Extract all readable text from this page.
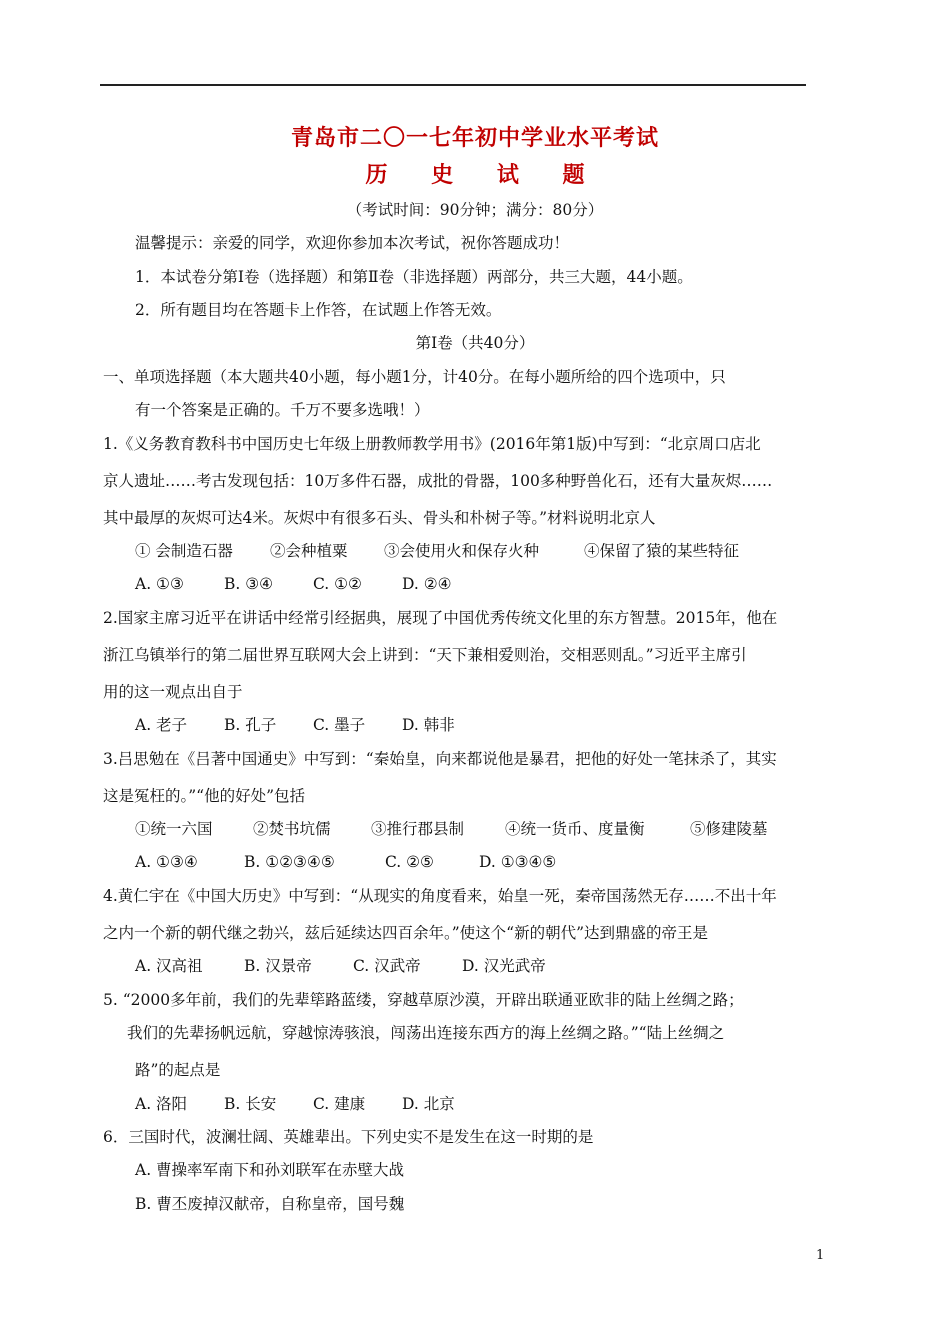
青岛市二〇一七年初中学业水平考试
历 史 试 题
（考试时间：90分钟；满分：80分）
温馨提示：亲爱的同学，欢迎你参加本次考试，祝你答题成功！
1．本试卷分第Ⅰ卷（选择题）和第Ⅱ卷（非选择题）两部分，共三大题，44小题。
2．所有题目均在答题卡上作答，在试题上作答无效。
第Ⅰ卷（共40分）
一、单项选择题（本大题共40小题，每小题1分，计40分。在每小题所给的四个选项中，只
有一个答案是正确的。千万不要多选哦！）
1.《义务教育教科书中国历史七年级上册教师教学用书》(2016年第1版)中写到：“北京周口店北
京人遗址……考古发现包括：10万多件石器，成批的骨器，100多种野兽化石，还有大量灰烬……
其中最厚的灰烬可达4米。灰烬中有很多石头、骨头和朴树子等。”材料说明北京人
① 会制造石器 ②会种植粟 ③会使用火和保存火种	④保留了猿的某些特征
A. ①③	B. ③④	C. ①②	D. ②④
2.国家主席习近平在讲话中经常引经据典，展现了中国优秀传统文化里的东方智慧。2015年，他在
浙江乌镇举行的第二届世界互联网大会上讲到：“天下兼相爱则治，交相恶则乱。”习近平主席引
用的这一观点出自于
A. 老子 B. 孔子 C. 墨子 D. 韩非
3.吕思勉在《吕著中国通史》中写到：“秦始皇，向来都说他是暴君，把他的好处一笔抹杀了，其实
这是冤枉的。”“他的好处”包括
①统一六国	②焚书坑儒	③推行郡县制	④统一货币、度量衡	⑤修建陵墓
A. ①③④	B. ①②③④⑤	C. ②⑤	D. ①③④⑤
4.黄仁宇在《中国大历史》中写到：“从现实的角度看来，始皇一死，秦帝国荡然无存……不出十年
之内一个新的朝代继之勃兴，兹后延续达四百余年。”使这个“新的朝代”达到鼎盛的帝王是
A. 汉高祖	B. 汉景帝	C. 汉武帝	D. 汉光武帝
5. “2000多年前，我们的先辈筚路蓝缕，穿越草原沙漠，开辟出联通亚欧非的陆上丝绸之路；
我们的先辈扬帆远航，穿越惊涛骇浪，闯荡出连接东西方的海上丝绸之路。”“陆上丝绸之
路”的起点是
A. 洛阳 B. 长安 C. 建康 D. 北京
6．三国时代，波澜壮阔、英雄辈出。下列史实不是发生在这一时期的是
A. 曹操率军南下和孙刘联军在赤壁大战
B. 曹丕废掉汉献帝，自称皇帝，国号魏
1
